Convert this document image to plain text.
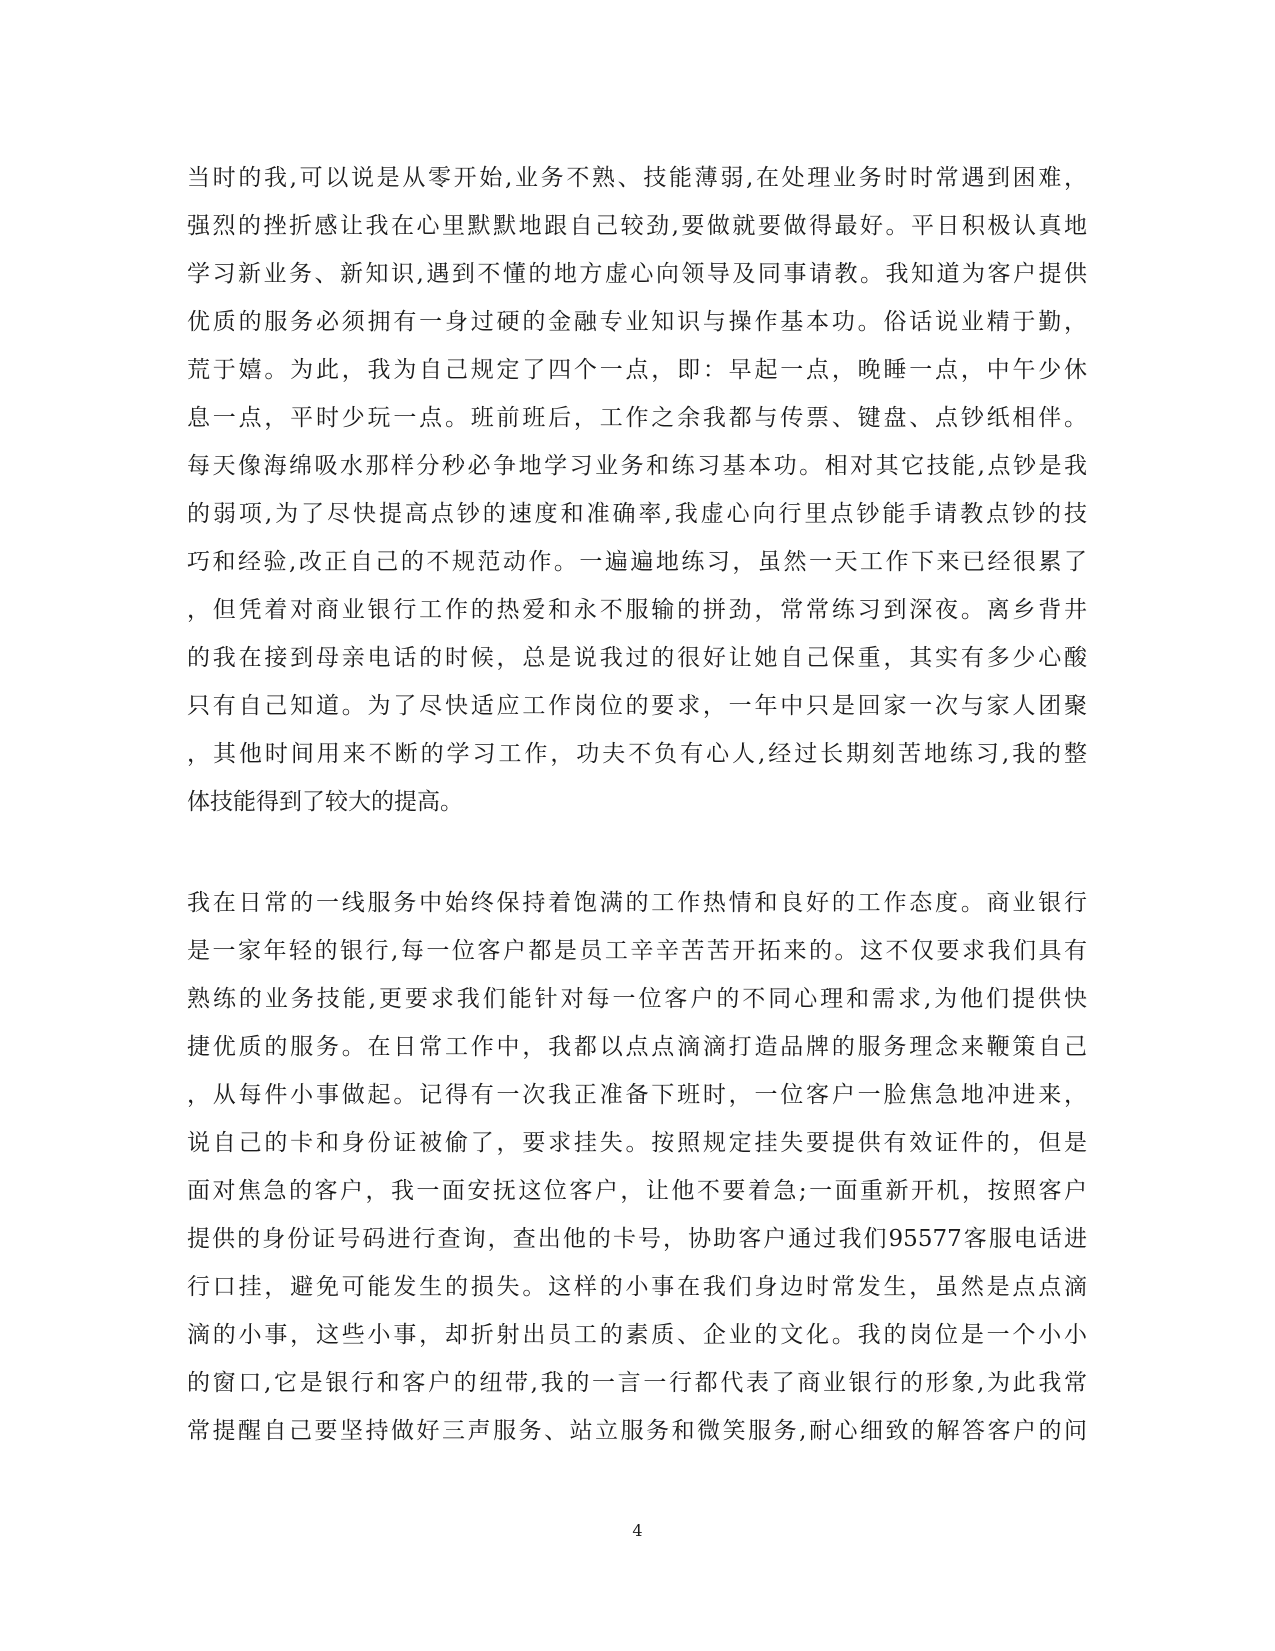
当时的我,可以说是从零开始,业务不熟、技能薄弱,在处理业务时时常遇到困难，
强烈的挫折感让我在心里默默地跟自己较劲,要做就要做得最好。平日积极认真地
学习新业务、新知识,遇到不懂的地方虚心向领导及同事请教。我知道为客户提供
优质的服务必须拥有一身过硬的金融专业知识与操作基本功。俗话说业精于勤，
荒于嬉。为此，我为自己规定了四个一点，即：早起一点，晚睡一点，中午少休
息一点，平时少玩一点。班前班后，工作之余我都与传票、键盘、点钞纸相伴。
每天像海绵吸水那样分秒必争地学习业务和练习基本功。相对其它技能,点钞是我
的弱项,为了尽快提高点钞的速度和准确率,我虚心向行里点钞能手请教点钞的技
巧和经验,改正自己的不规范动作。一遍遍地练习，虽然一天工作下来已经很累了
，但凭着对商业银行工作的热爱和永不服输的拼劲，常常练习到深夜。离乡背井
的我在接到母亲电话的时候，总是说我过的很好让她自己保重，其实有多少心酸
只有自己知道。为了尽快适应工作岗位的要求，一年中只是回家一次与家人团聚
，其他时间用来不断的学习工作，功夫不负有心人,经过长期刻苦地练习,我的整
体技能得到了较大的提高。
我在日常的一线服务中始终保持着饱满的工作热情和良好的工作态度。商业银行
是一家年轻的银行,每一位客户都是员工辛辛苦苦开拓来的。这不仅要求我们具有
熟练的业务技能,更要求我们能针对每一位客户的不同心理和需求,为他们提供快
捷优质的服务。在日常工作中，我都以点点滴滴打造品牌的服务理念来鞭策自己
，从每件小事做起。记得有一次我正准备下班时，一位客户一脸焦急地冲进来，
说自己的卡和身份证被偷了，要求挂失。按照规定挂失要提供有效证件的，但是
面对焦急的客户，我一面安抚这位客户，让他不要着急;一面重新开机，按照客户
提供的身份证号码进行查询，查出他的卡号，协助客户通过我们95577客服电话进
行口挂，避免可能发生的损失。这样的小事在我们身边时常发生，虽然是点点滴
滴的小事，这些小事，却折射出员工的素质、企业的文化。我的岗位是一个小小
的窗口,它是银行和客户的纽带,我的一言一行都代表了商业银行的形象,为此我常
常提醒自己要坚持做好三声服务、站立服务和微笑服务,耐心细致的解答客户的问
4
